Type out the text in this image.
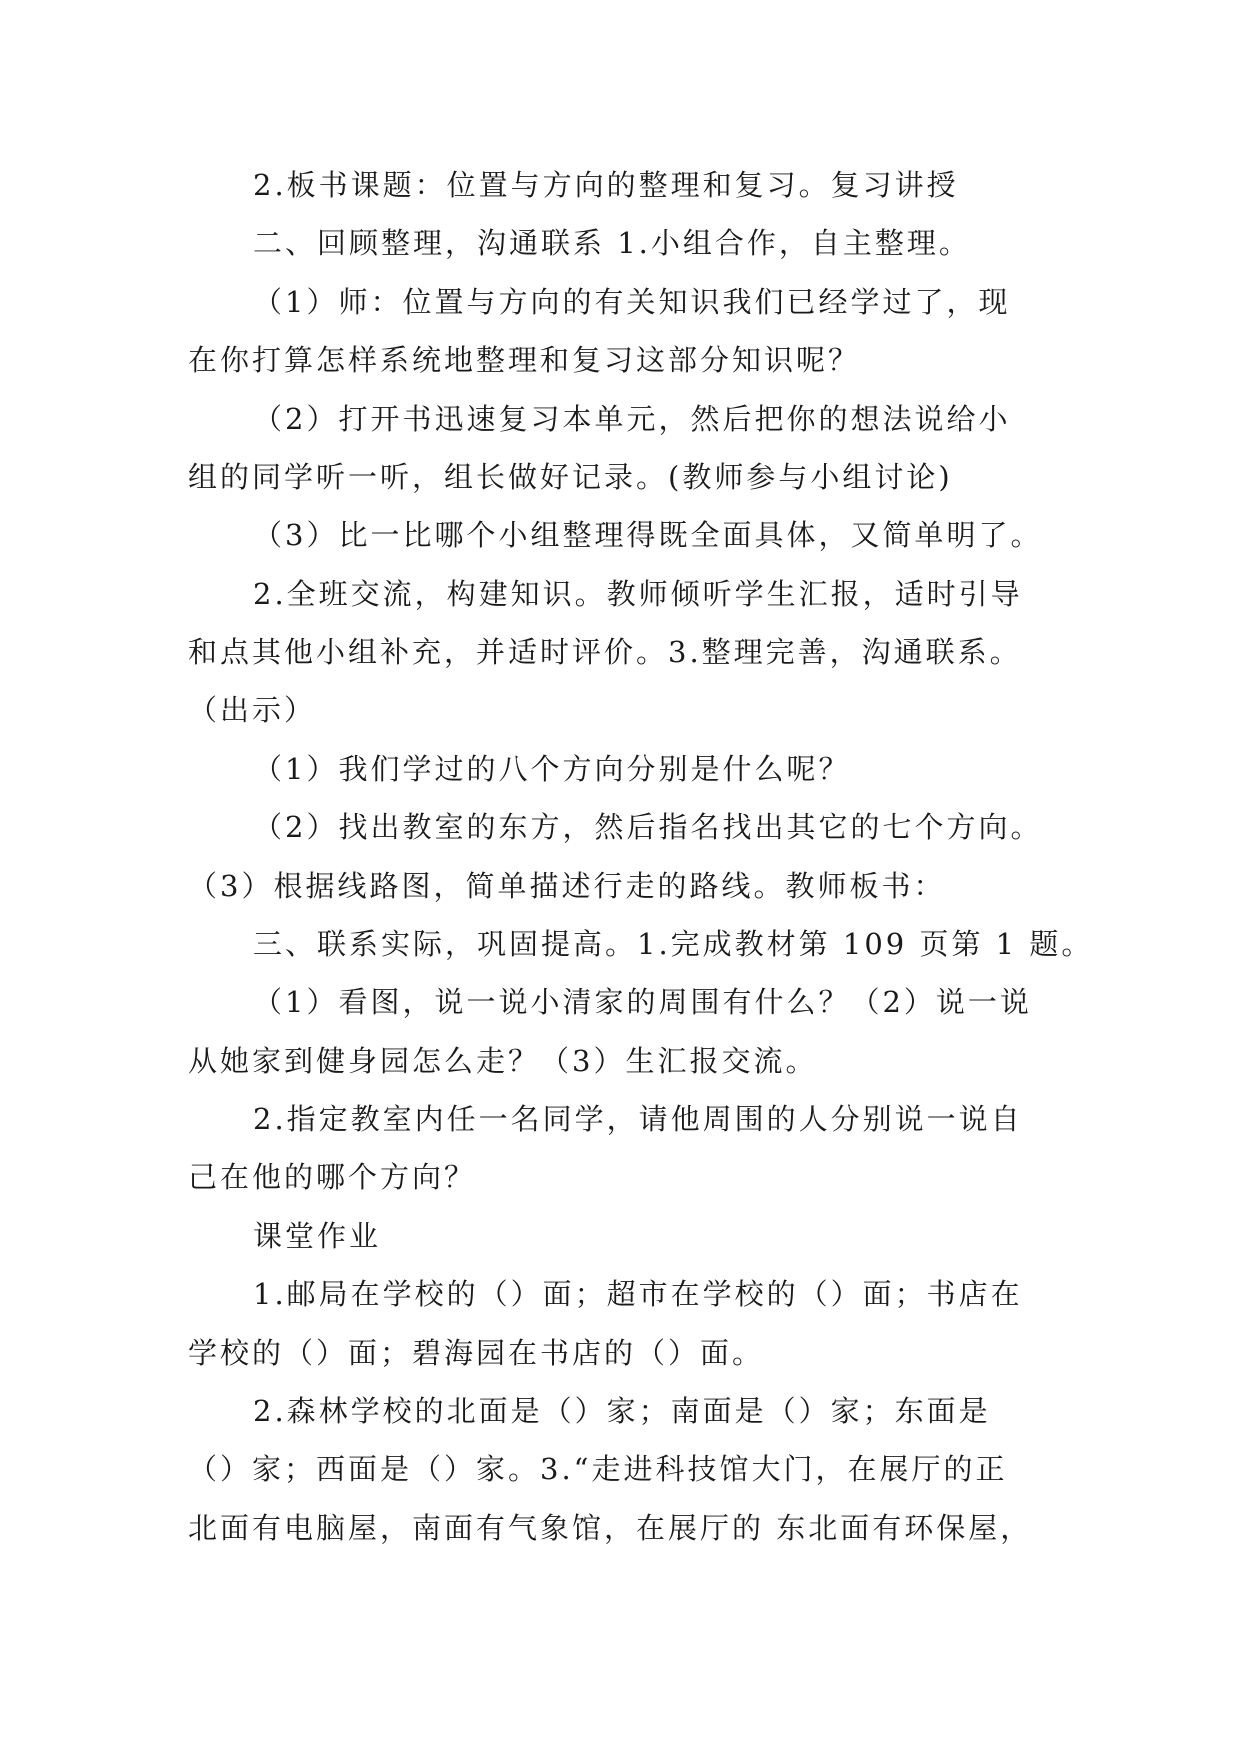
2.板书课题：位置与方向的整理和复习。复习讲授
二、回顾整理，沟通联系 1.小组合作，自主整理。
（1）师：位置与方向的有关知识我们已经学过了，现
在你打算怎样系统地整理和复习这部分知识呢？
（2）打开书迅速复习本单元，然后把你的想法说给小
组的同学听一听，组长做好记录。(教师参与小组讨论)
（3）比一比哪个小组整理得既全面具体，又简单明了。
2.全班交流，构建知识。教师倾听学生汇报，适时引导
和点其他小组补充，并适时评价。3.整理完善，沟通联系。
（出示）
（1）我们学过的八个方向分别是什么呢？
（2）找出教室的东方，然后指名找出其它的七个方向。
（3）根据线路图，简单描述行走的路线。教师板书：
三、联系实际，巩固提高。1.完成教材第 109 页第 1 题。
（1）看图，说一说小清家的周围有什么？（2）说一说
从她家到健身园怎么走？（3）生汇报交流。
2.指定教室内任一名同学，请他周围的人分别说一说自
己在他的哪个方向？
课堂作业
1.邮局在学校的（）面；超市在学校的（）面；书店在
学校的（）面；碧海园在书店的（）面。
2.森林学校的北面是（）家；南面是（）家；东面是
（）家；西面是（）家。3.“走进科技馆大门，在展厅的正
北面有电脑屋，南面有气象馆，在展厅的 东北面有环保屋，
